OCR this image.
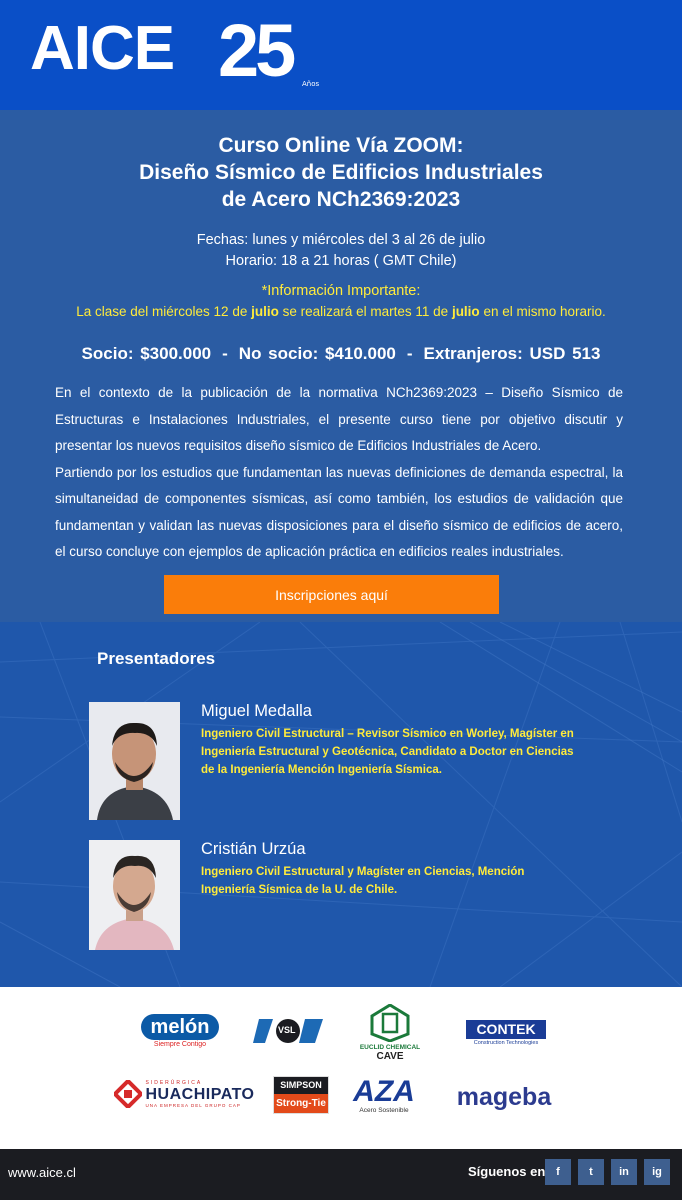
AICE 25 Años
Curso Online Vía ZOOM:
Diseño Sísmico de Edificios Industriales
de Acero NCh2369:2023
Fechas: lunes y miércoles del 3 al 26 de julio
Horario: 18 a 21 horas ( GMT Chile)
*Información Importante:
La clase del miércoles 12 de julio se realizará el martes 11 de julio en el mismo horario.
Socio: $300.000 - No socio: $410.000 - Extranjeros: USD 513

En el contexto de la publicación de la normativa NCh2369:2023 – Diseño Sísmico de Estructuras e Instalaciones Industriales, el presente curso tiene por objetivo discutir y presentar los nuevos requisitos diseño sísmico de Edificios Industriales de Acero.

Partiendo por los estudios que fundamentan las nuevas definiciones de demanda espectral, la simultaneidad de componentes sísmicas, así como también, los estudios de validación que fundamentan y validan las nuevas disposiciones para el diseño sísmico de edificios de acero, el curso concluye con ejemplos de aplicación práctica en edificios reales industriales.

Inscripciones aquí
Presentadores
Miguel Medalla
Ingeniero Civil Estructural – Revisor Sísmico en Worley, Magíster en Ingeniería Estructural y Geotécnica, Candidato a Doctor en Ciencias de la Ingeniería Mención Ingeniería Sísmica.
Cristián Urzúa
Ingeniero Civil Estructural y Magíster en Ciencias, Mención Ingeniería Sísmica de la U. de Chile.
melón
Siempre Contigo
VSL
EUCLID CHEMICAL
CAVE
CONTEK
Construction Technologies
SIDERÚRGICA
HUACHIPATO
UNA EMPRESA DEL GRUPO CAP
SIMPSON
Strong-Tie AZA
Acero Sostenible mageba
www.aice.cl	Síguenos en f	t	in	ig
